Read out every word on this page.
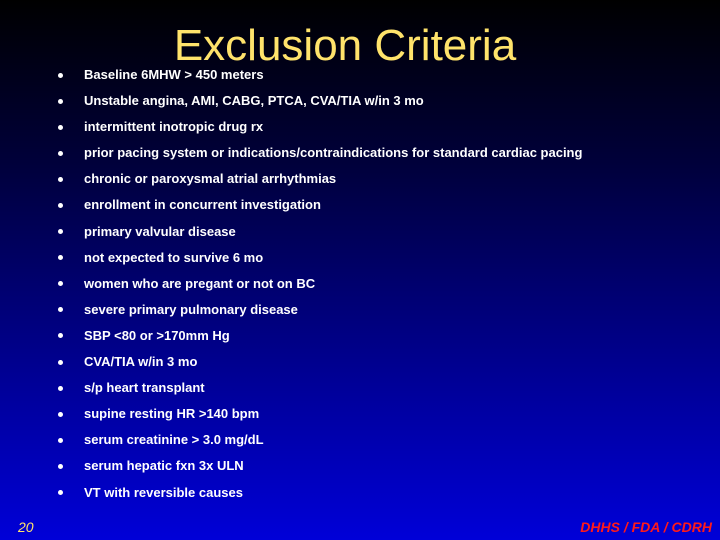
Exclusion Criteria
Baseline 6MHW > 450 meters
Unstable angina, AMI, CABG, PTCA, CVA/TIA w/in 3 mo
intermittent inotropic drug rx
prior pacing system or indications/contraindications for standard cardiac pacing
chronic or paroxysmal atrial arrhythmias
enrollment in concurrent investigation
primary valvular disease
not expected to survive 6 mo
women who are pregant or not on BC
severe primary pulmonary disease
SBP <80 or >170mm Hg
CVA/TIA w/in 3 mo
s/p heart transplant
supine resting HR >140 bpm
serum creatinine > 3.0 mg/dL
serum hepatic fxn 3x ULN
VT with reversible causes
20	DHHS / FDA / CDRH
